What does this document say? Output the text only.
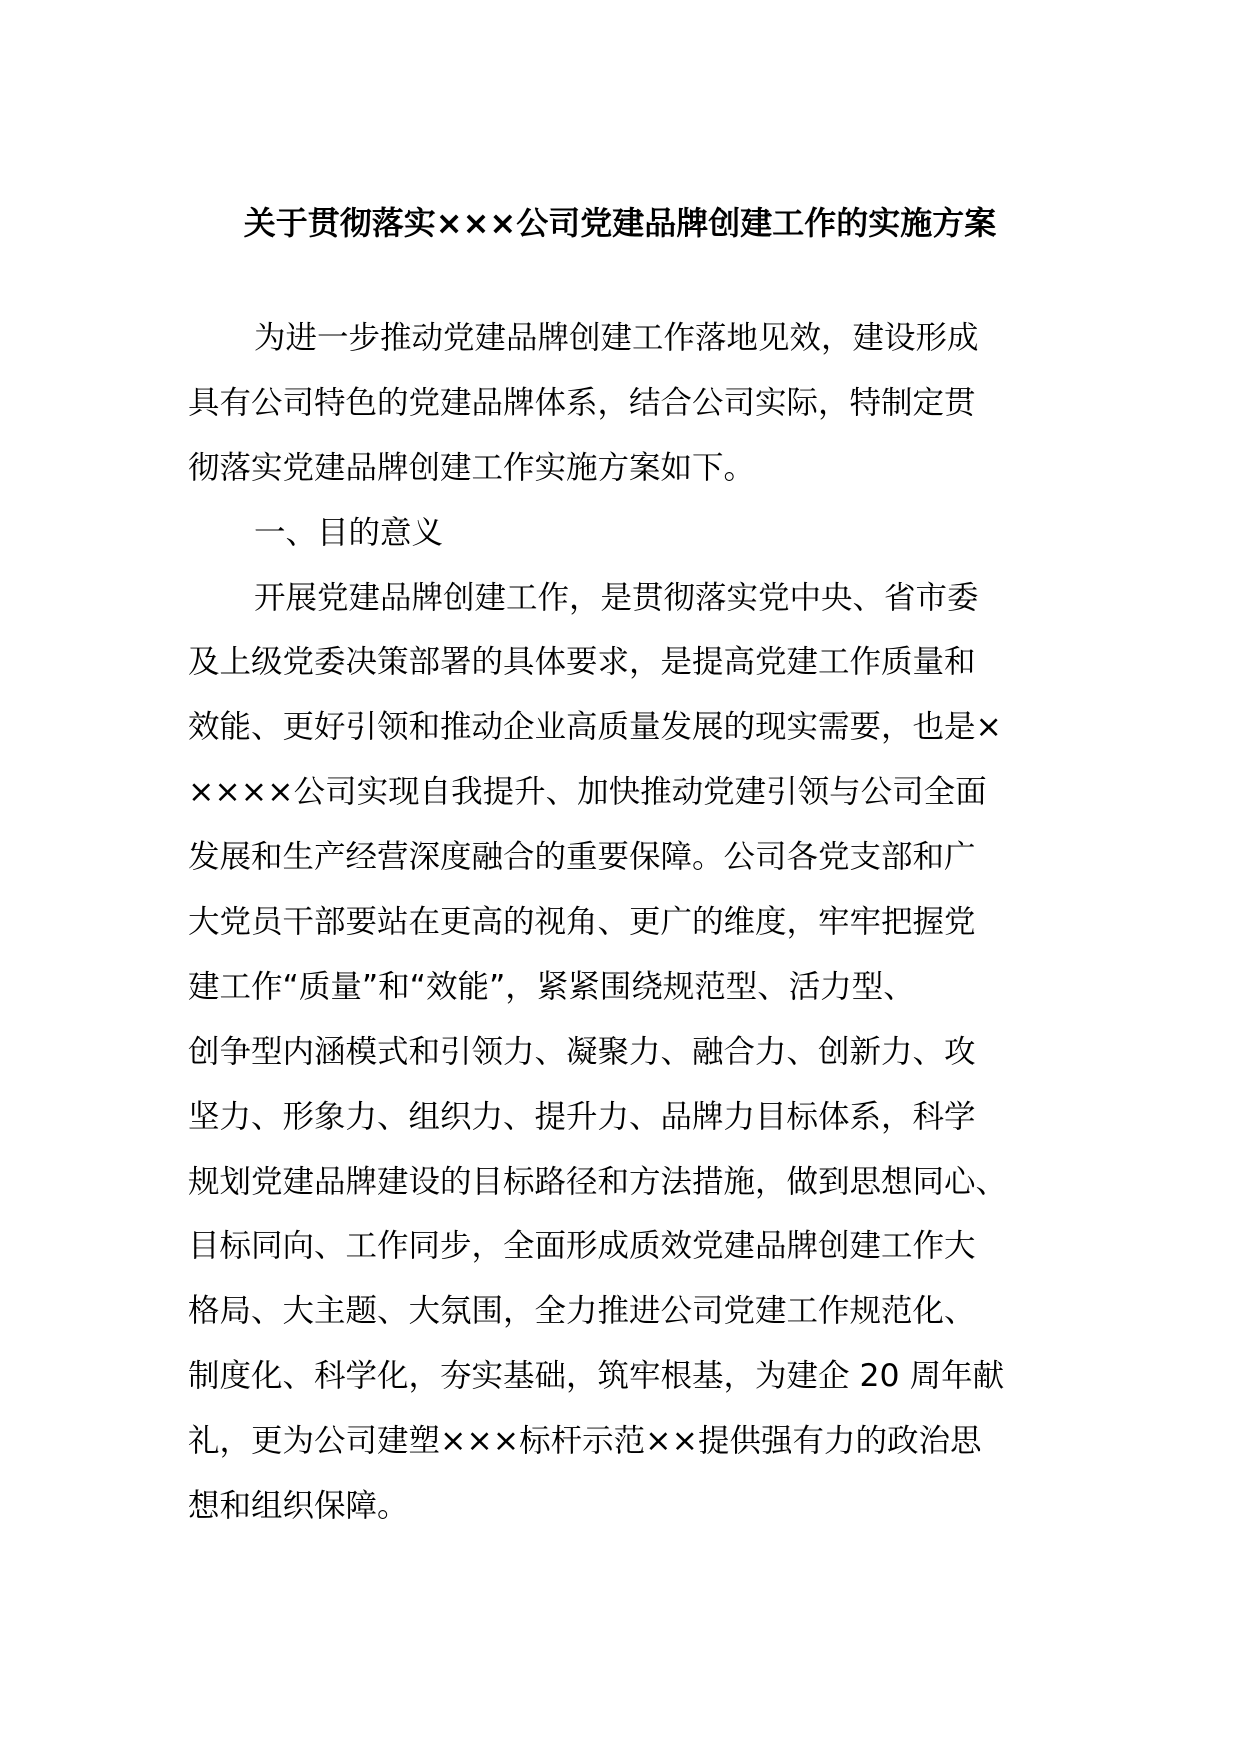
关于贯彻落实×××公司党建品牌创建工作的实施方案
为进一步推动党建品牌创建工作落地见效，建设形成
具有公司特色的党建品牌体系，结合公司实际，特制定贯
彻落实党建品牌创建工作实施方案如下。
一、目的意义
开展党建品牌创建工作，是贯彻落实党中央、省市委
及上级党委决策部署的具体要求，是提高党建工作质量和
效能、更好引领和推动企业高质量发展的现实需要，也是×
××××公司实现自我提升、加快推动党建引领与公司全面
发展和生产经营深度融合的重要保障。公司各党支部和广
大党员干部要站在更高的视角、更广的维度，牢牢把握党
建工作“质量”和“效能”，紧紧围绕规范型、活力型、
创争型内涵模式和引领力、凝聚力、融合力、创新力、攻
坚力、形象力、组织力、提升力、品牌力目标体系，科学
规划党建品牌建设的目标路径和方法措施，做到思想同心、
目标同向、工作同步，全面形成质效党建品牌创建工作大
格局、大主题、大氛围，全力推进公司党建工作规范化、
制度化、科学化，夯实基础，筑牢根基，为建企 20 周年献
礼，更为公司建塑×××标杆示范××提供强有力的政治思
想和组织保障。
